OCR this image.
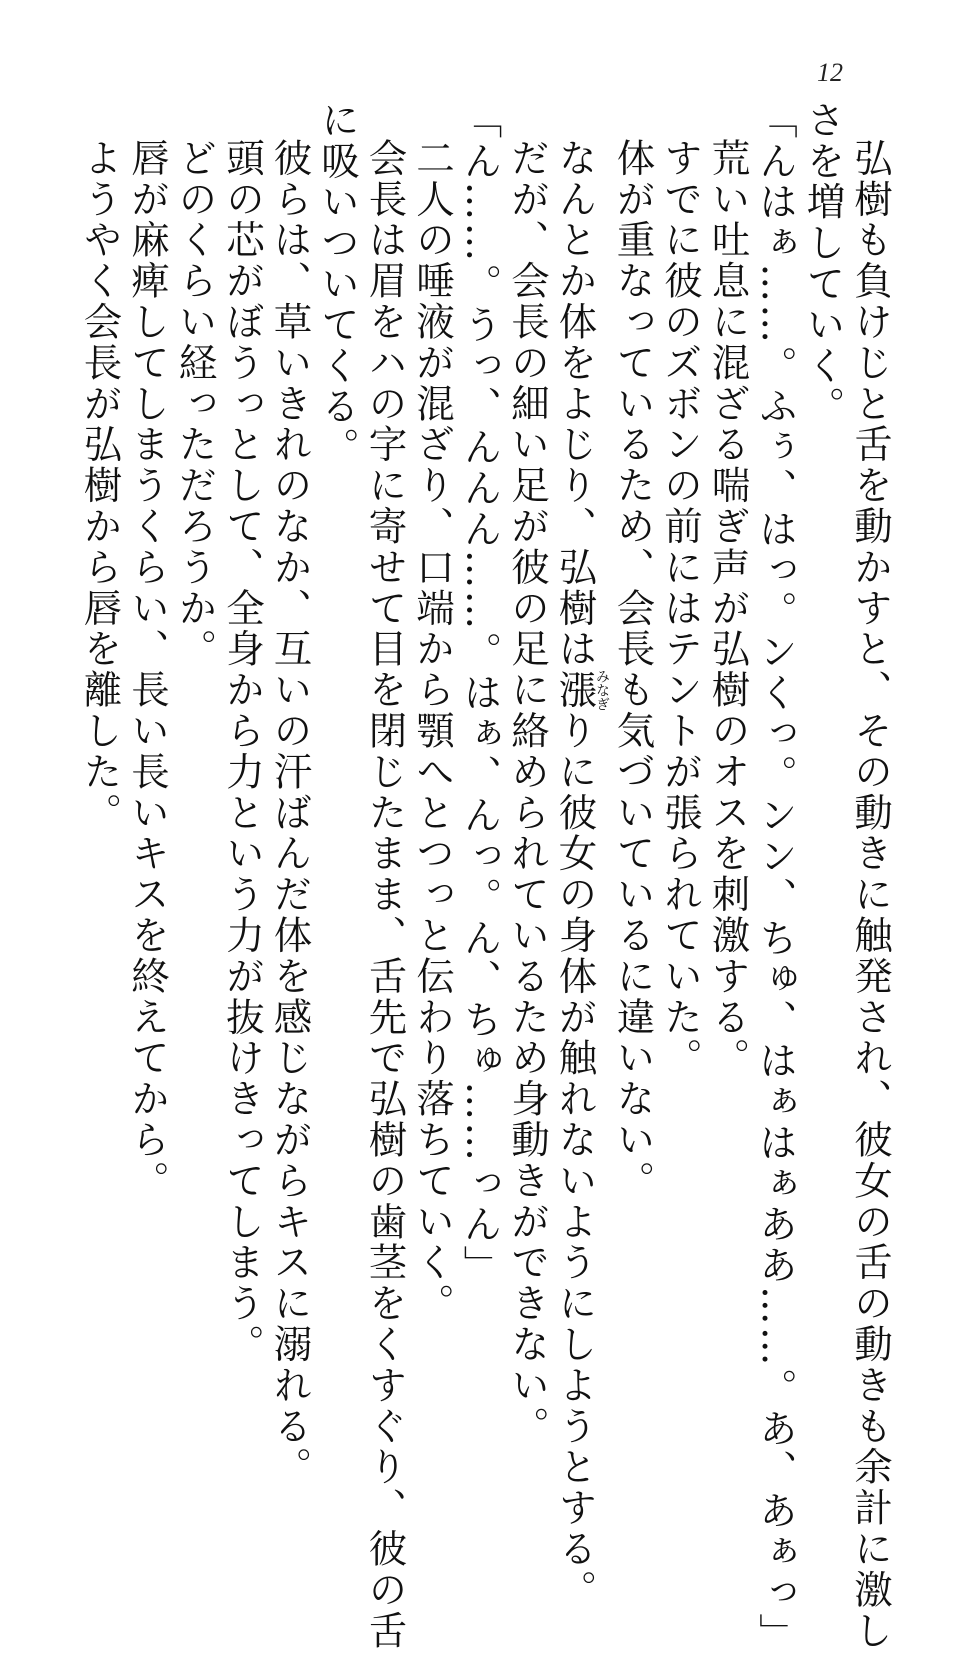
12
弘樹も負けじと舌を動かすと、その動きに触発され、彼女の舌の動きも余計に激し
さを増していく。
「んはぁ……。ふぅ、はっ。ンくっ。ンン、ちゅ、はぁはぁああ……。あ、あぁっ」
荒い吐息に混ざる喘ぎ声が弘樹のオスを刺激する。
すでに彼のズボンの前にはテントが張られていた。
体が重なっているため、会長も気づいているに違いない。
なんとか体をよじり、弘樹は漲みなぎりに彼女の身体が触れないようにしようとする。
だが、会長の細い足が彼の足に絡められているため身動きができない。
「ん……。うっ、んんん……。はぁ、んっ。ん、ちゅ……っん」
二人の唾液が混ざり、口端から顎へとつっと伝わり落ちていく。
会長は眉をハの字に寄せて目を閉じたまま、舌先で弘樹の歯茎をくすぐり、彼の舌
に吸いついてくる。
彼らは、草いきれのなか、互いの汗ばんだ体を感じながらキスに溺れる。
頭の芯がぼうっとして、全身から力という力が抜けきってしまう。
どのくらい経っただろうか。
唇が麻痺してしまうくらい、長い長いキスを終えてから。
ようやく会長が弘樹から唇を離した。
